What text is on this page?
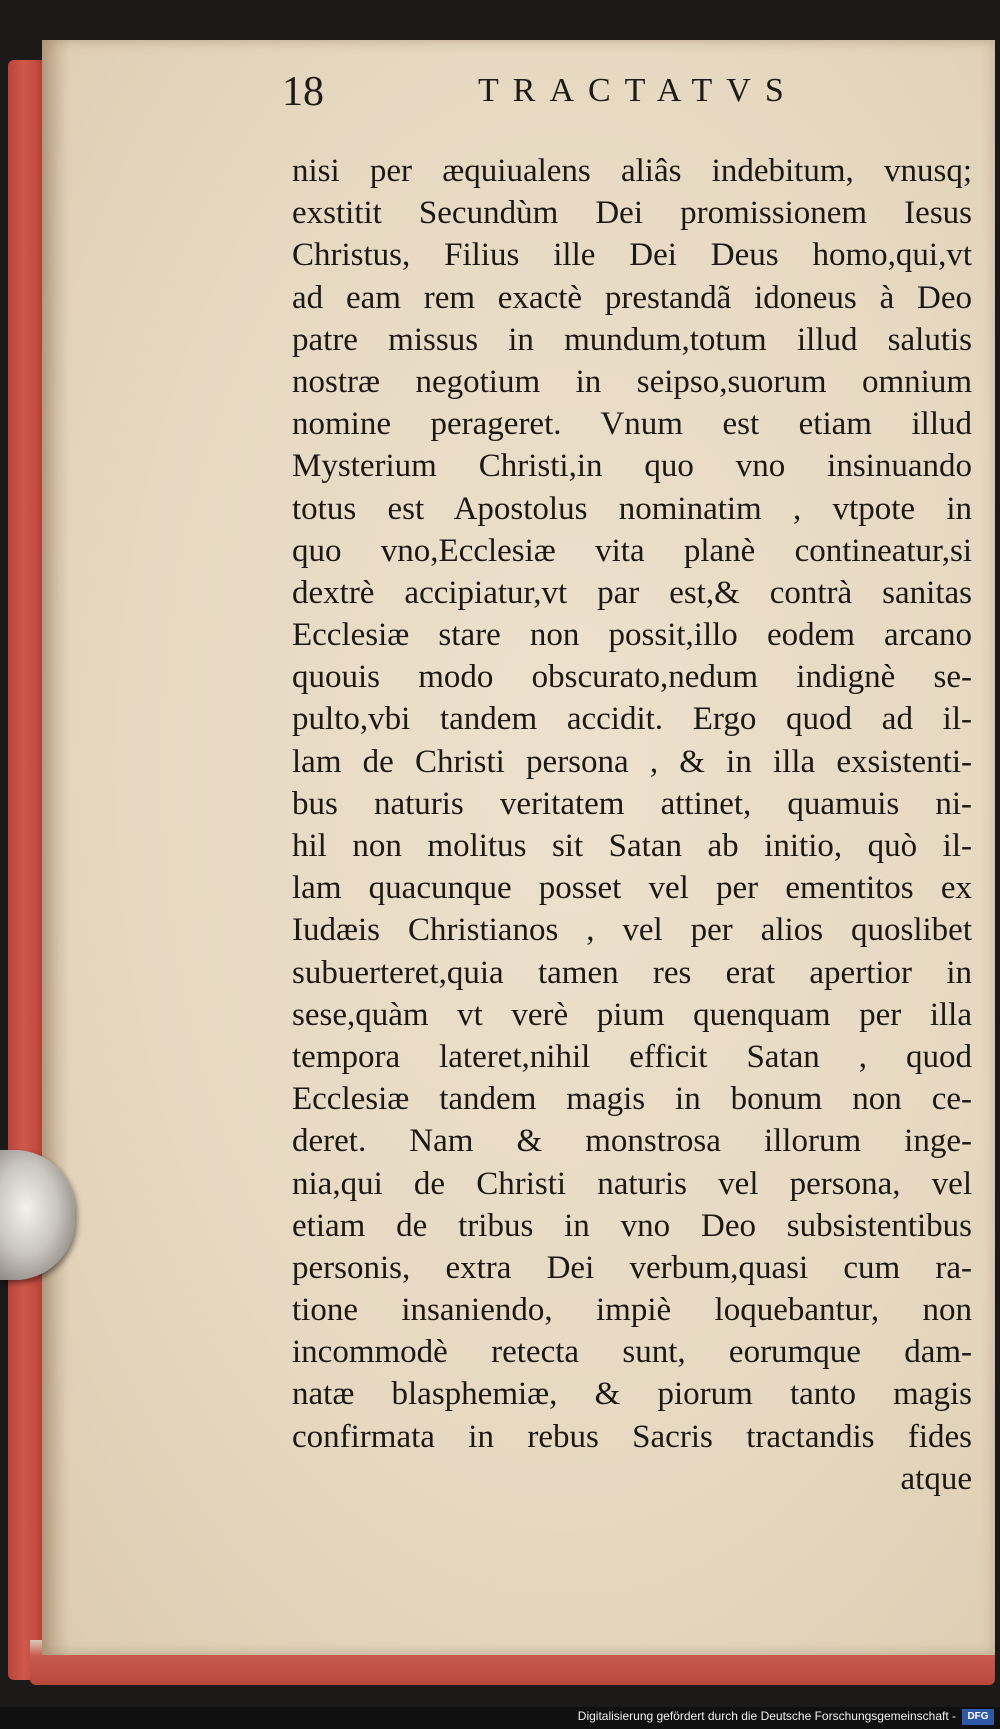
18	TRACTATVS
nisi per æquiualens aliâs indebitum, vnusq;
exstitit Secundùm Dei promissionem Iesus
Christus, Filius ille Dei Deus homo,qui,vt
ad eam rem exactè prestandã idoneus à Deo
patre missus in mundum,totum illud salutis
nostræ negotium in seipso,suorum omnium
nomine perageret. Vnum est etiam illud
Mysterium Christi,in quo vno insinuando
totus est Apostolus nominatim , vtpote in
quo vno,Ecclesiæ vita planè contineatur,si
dextrè accipiatur,vt par est,& contrà sanitas
Ecclesiæ stare non possit,illo eodem arcano
quouis modo obscurato,nedum indignè se-
pulto,vbi tandem accidit. Ergo quod ad il-
lam de Christi persona , & in illa exsistenti-
bus naturis veritatem attinet, quamuis ni-
hil non molitus sit Satan ab initio, quò il-
lam quacunque posset vel per ementitos ex
Iudæis Christianos , vel per alios quoslibet
subuerteret,quia tamen res erat apertior in
sese,quàm vt verè pium quenquam per illa
tempora lateret,nihil efficit Satan , quod
Ecclesiæ tandem magis in bonum non ce-
deret. Nam & monstrosa illorum inge-
nia,qui de Christi naturis vel persona, vel
etiam de tribus in vno Deo subsistentibus
personis, extra Dei verbum,quasi cum ra-
tione insaniendo, impiè loquebantur, non
incommodè retecta sunt, eorumque dam-
natæ blasphemiæ, & piorum tanto magis
confirmata in rebus Sacris tractandis fides
atque
Digitalisierung gefördert durch die Deutsche Forschungsgemeinschaft -	DFG
